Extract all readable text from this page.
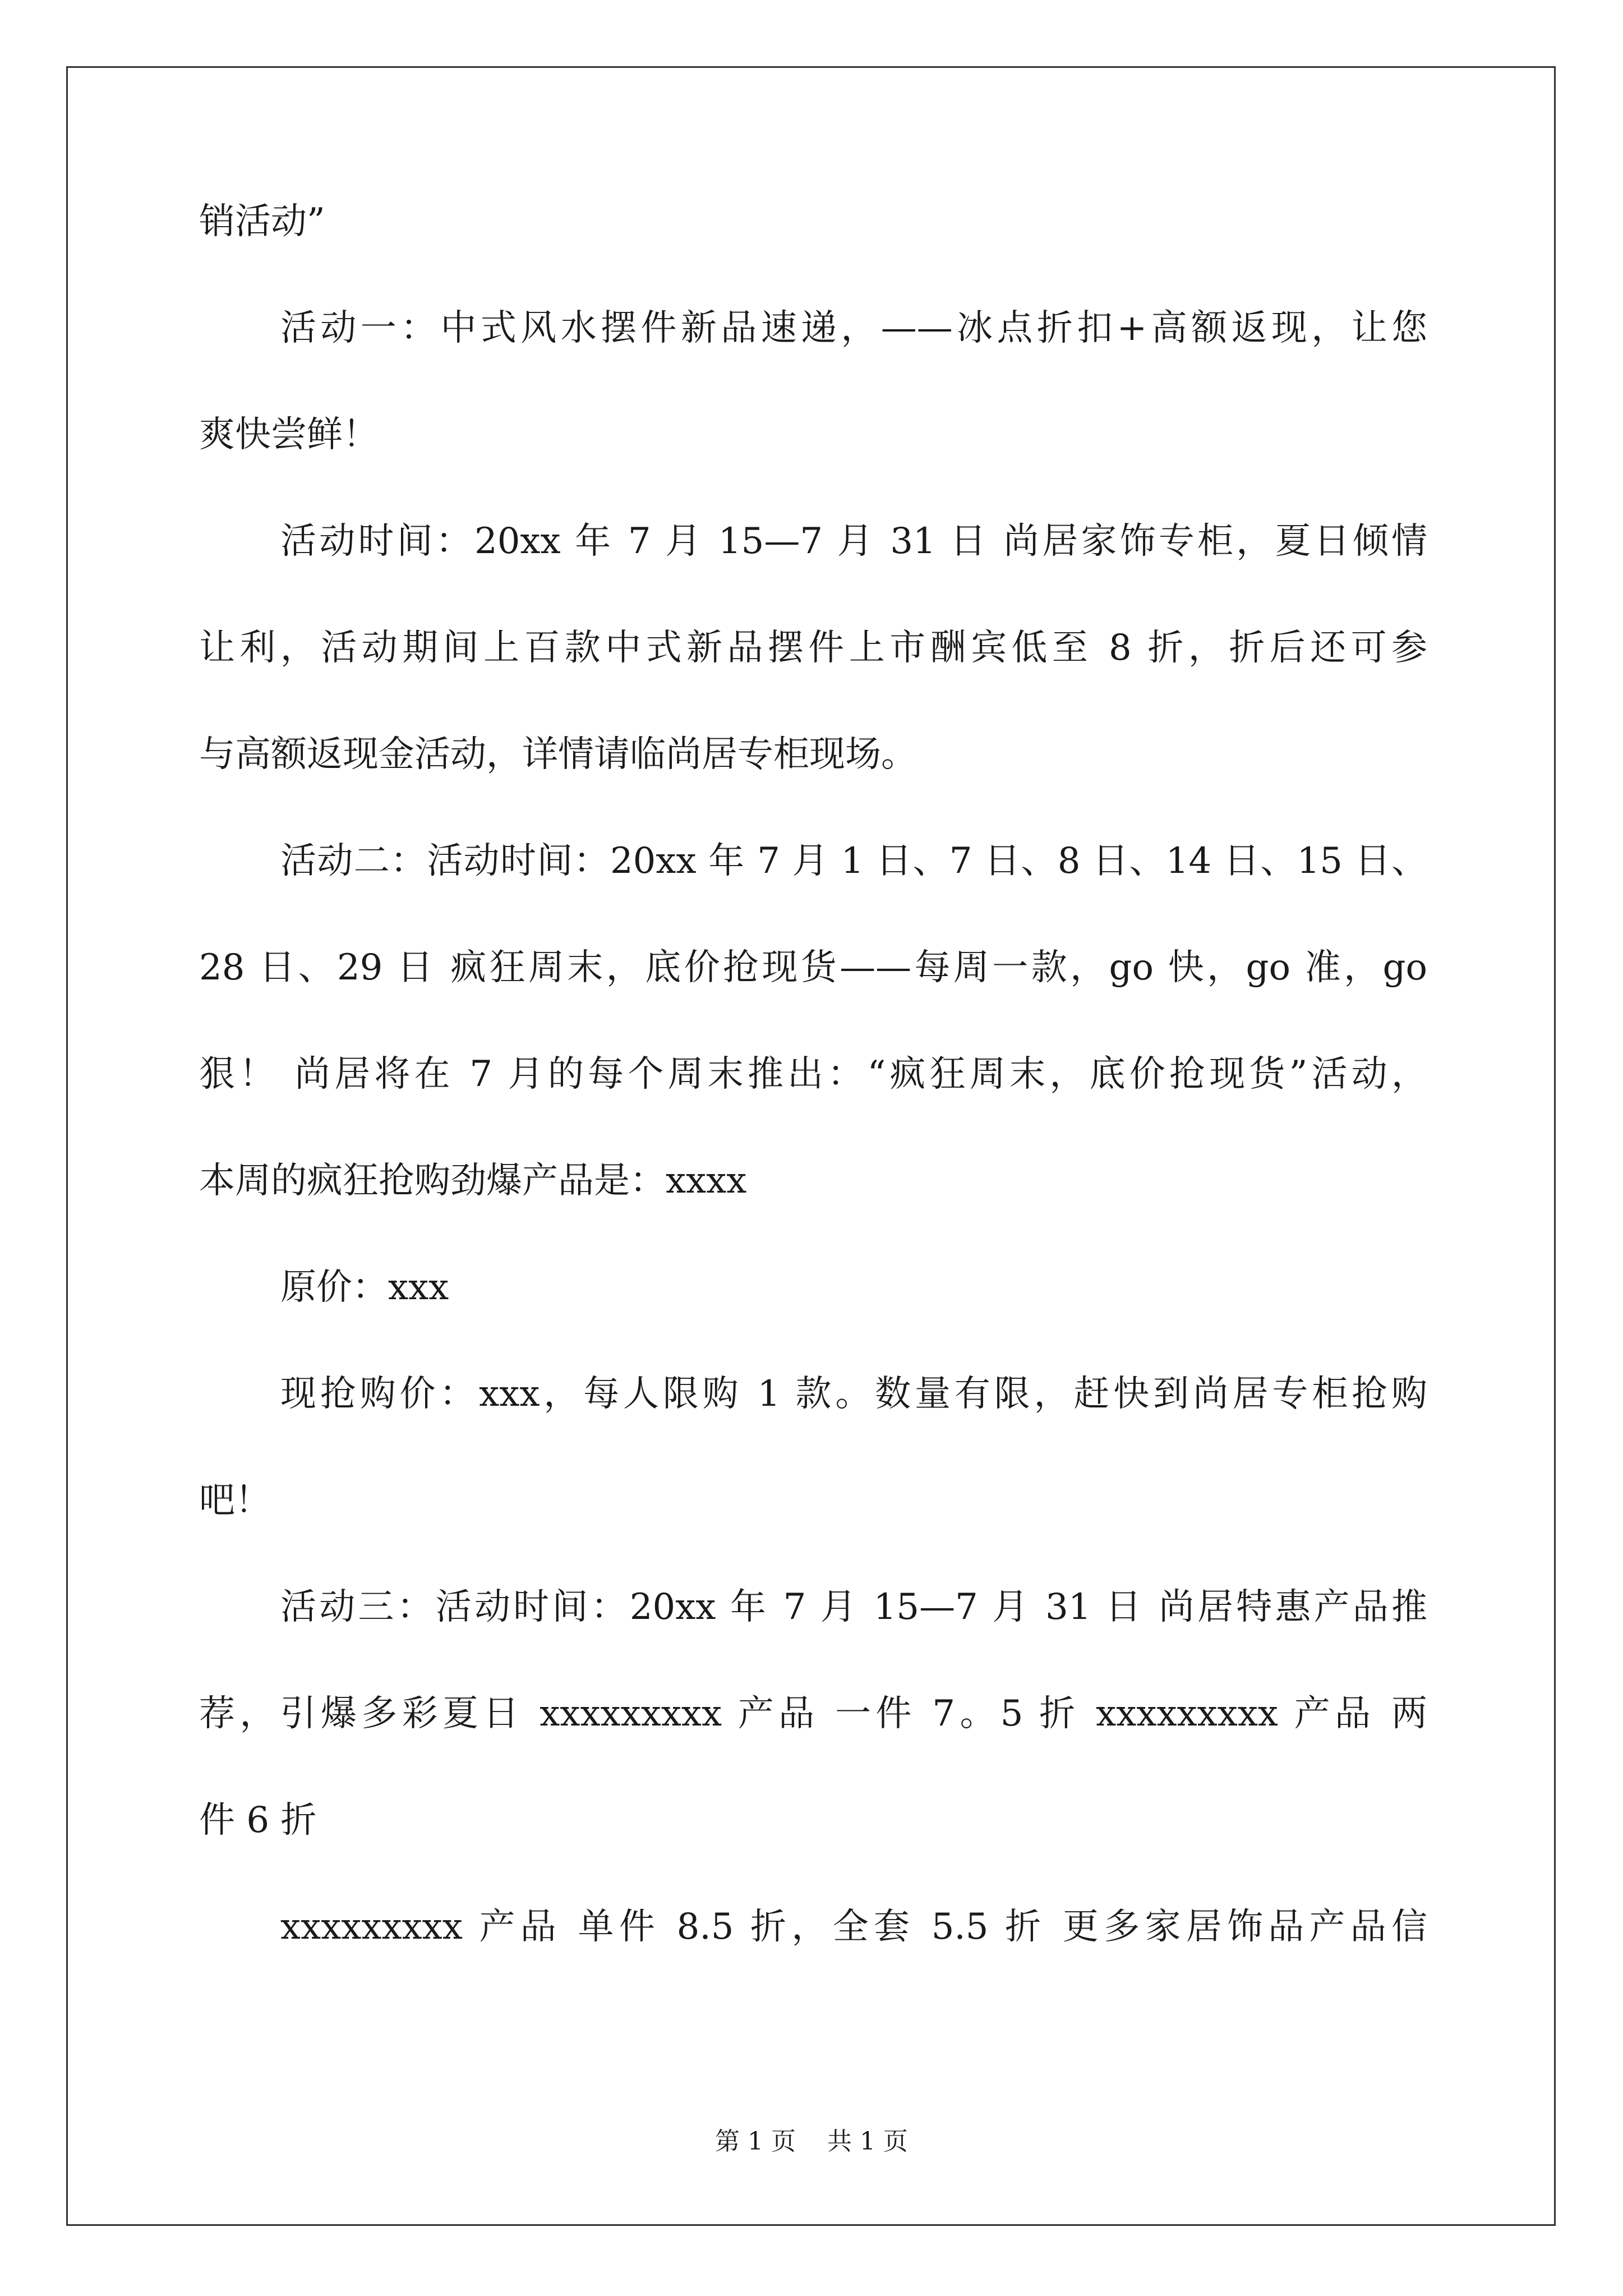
销活动”
活动一：中式风水摆件新品速递，——冰点折扣+高额返现，让您
爽快尝鲜！
活动时间：20xx 年 7 月 15—7 月 31 日 尚居家饰专柜，夏日倾情
让利，活动期间上百款中式新品摆件上市酬宾低至 8 折，折后还可参
与高额返现金活动，详情请临尚居专柜现场。
活动二：活动时间：20xx 年 7 月 1 日、7 日、8 日、14 日、15 日、
28 日、29 日 疯狂周末，底价抢现货——每周一款，go 快，go 准，go
狠！ 尚居将在 7 月的每个周末推出：“疯狂周末，底价抢现货”活动，
本周的疯狂抢购劲爆产品是：xxxx
原价：xxx
现抢购价：xxx，每人限购 1 款。数量有限，赶快到尚居专柜抢购
吧！
活动三：活动时间：20xx 年 7 月 15—7 月 31 日 尚居特惠产品推
荐，引爆多彩夏日 xxxxxxxxx 产品 一件 7。5 折 xxxxxxxxx 产品 两
件 6 折
xxxxxxxxx 产品 单件 8.5 折，全套 5.5 折 更多家居饰品产品信
第 1 页    共 1 页
